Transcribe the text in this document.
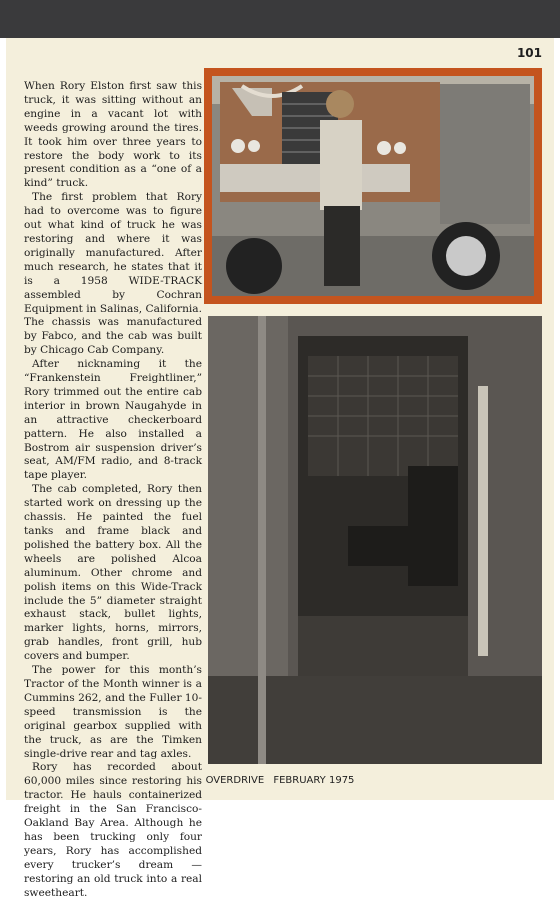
101

When Rory Elston first saw this truck, it was sitting without an engine in a vacant lot with weeds growing around the tires. It took him over three years to restore the body work to its present condition as a “one of a kind” truck.

The first problem that Rory had to overcome was to figure out what kind of truck he was restoring and where it was originally manufactured. After much research, he states that it is a 1958 WIDE-TRACK assembled by Cochran Equipment in Salinas, California. The chassis was manufactured by Fabco, and the cab was built by Chicago Cab Company.

After nicknaming it the “Frankenstein Freightliner,” Rory trimmed out the entire cab interior in brown Naugahyde in an attractive checkerboard pattern. He also installed a Bostrom air suspension driver’s seat, AM/FM radio, and 8-track tape player.

The cab completed, Rory then started work on dressing up the chassis. He painted the fuel tanks and frame black and polished the battery box. All the wheels are polished Alcoa aluminum. Other chrome and polish items on this Wide-Track include the 5” diameter straight exhaust stack, bullet lights, marker lights, horns, mirrors, grab handles, front grill, hub covers and bumper.

The power for this month’s Tractor of the Month winner is a Cummins 262, and the Fuller 10-speed transmission is the original gearbox supplied with the truck, as are the Timken single-drive rear and tag axles.

Rory has recorded about 60,000 miles since restoring his tractor. He hauls containerized freight in the San Francisco-Oakland Bay Area. Although he has been trucking only four years, Rory has accomplished every trucker’s dream — restoring an old truck into a real sweetheart.

OVERDRIVE FEBRUARY 1975
